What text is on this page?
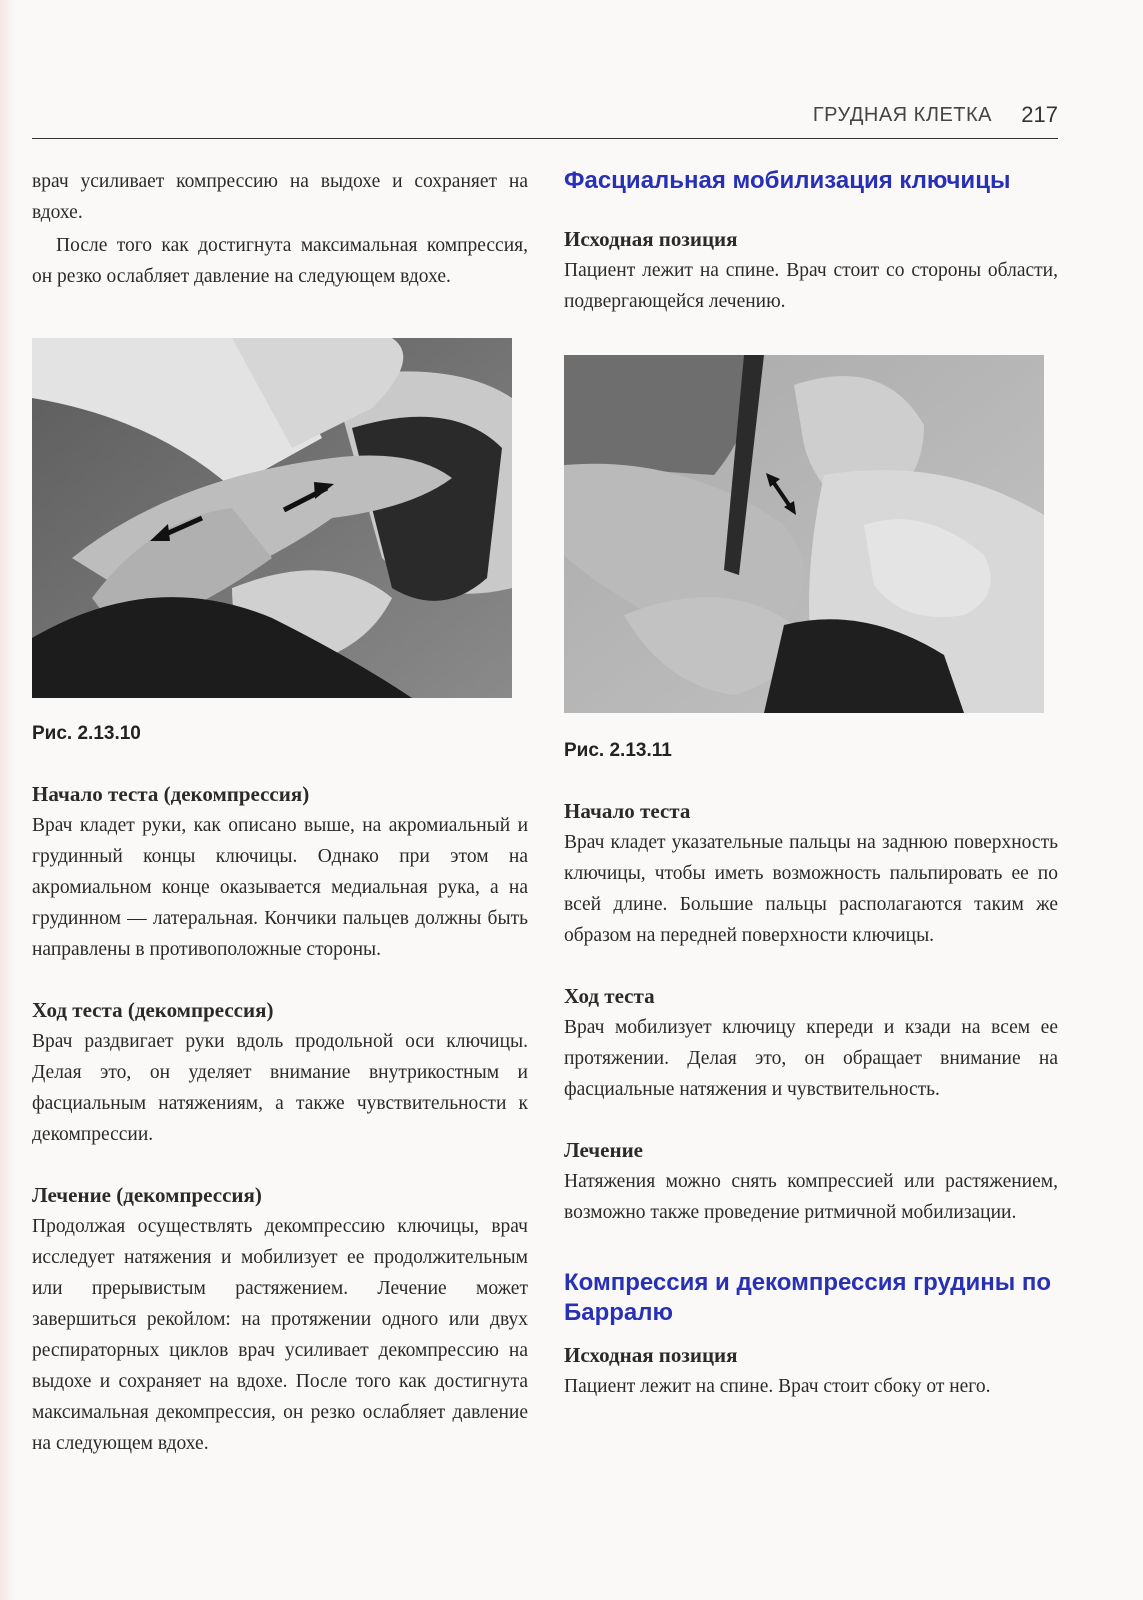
ГРУДНАЯ КЛЕТКА 217

врач усиливает компрессию на выдохе и сохраняет на вдохе.

После того как достигнута максимальная компрессия, он резко ослабляет давление на следующем вдохе.

Рис. 2.13.10

Начало теста (декомпрессия)

Врач кладет руки, как описано выше, на акромиальный и грудинный концы ключицы. Однако при этом на акромиальном конце оказывается медиальная рука, а на грудинном — латеральная. Кончики пальцев должны быть направлены в противоположные стороны.

Ход теста (декомпрессия)

Врач раздвигает руки вдоль продольной оси ключицы. Делая это, он уделяет внимание внутрикостным и фасциальным натяжениям, а также чувствительности к декомпрессии.

Лечение (декомпрессия)

Продолжая осуществлять декомпрессию ключицы, врач исследует натяжения и мобилизует ее продолжительным или прерывистым растяжением. Лечение может завершиться рекойлом: на протяжении одного или двух респираторных циклов врач усиливает декомпрессию на выдохе и сохраняет на вдохе. После того как достигнута максимальная декомпрессия, он резко ослабляет давление на следующем вдохе.

Фасциальная мобилизация ключицы

Исходная позиция

Пациент лежит на спине. Врач стоит со стороны области, подвергающейся лечению.

Рис. 2.13.11

Начало теста

Врач кладет указательные пальцы на заднюю поверхность ключицы, чтобы иметь возможность пальпировать ее по всей длине. Большие пальцы располагаются таким же образом на передней поверхности ключицы.

Ход теста

Врач мобилизует ключицу кпереди и кзади на всем ее протяжении. Делая это, он обращает внимание на фасциальные натяжения и чувствительность.

Лечение

Натяжения можно снять компрессией или растяжением, возможно также проведение ритмичной мобилизации.

Компрессия и декомпрессия грудины по Барралю

Исходная позиция

Пациент лежит на спине. Врач стоит сбоку от него.
